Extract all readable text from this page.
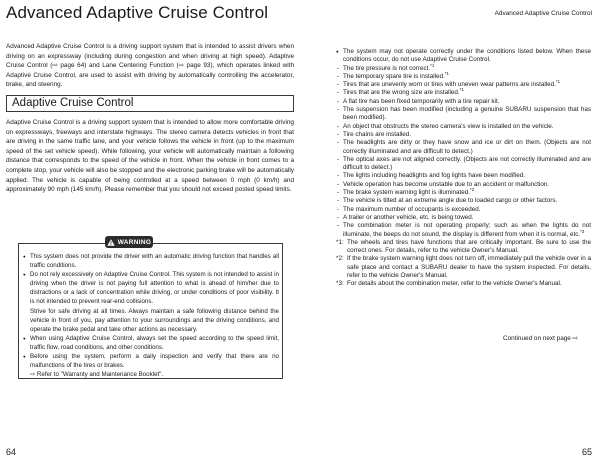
Advanced Adaptive Cruise Control

Advanced Adaptive Cruise Control is a driving support system that is intended to assist drivers when driving on an expressway (including during congestion and when driving at high speed). Adaptive Cruise Control (⇨ page 64) and Lane Centering Function (⇨ page 93), which operates linked with Adaptive Cruise Control, are used to assist with driving by automatically controlling the accelerator, brake, and steering.

Adaptive Cruise Control

Adaptive Cruise Control is a driving support system that is intended to allow more comfortable driving on expressways, freeways and interstate highways. The stereo camera detects vehicles in front that are driving in the same traffic lane, and your vehicle follows the vehicle in front (up to the maximum speed of the set vehicle speed). While following, your vehicle will automatically maintain a following distance that corresponds to the speed of the vehicle in front. When the vehicle in front comes to a complete stop, your vehicle will also be stopped and the electronic parking brake will be automatically applied. The vehicle is capable of being controlled at a speed between 0 mph (0 km/h) and approximately 90 mph (145 km/h). Please remember that you should not exceed posted speed limits.

WARNING
● This system does not provide the driver with an automatic driving function that handles all traffic conditions.
● Do not rely excessively on Adaptive Cruise Control. This system is not intended to assist in driving when the driver is not paying full attention to what is ahead of him/her due to distractions or a lack of concentration while driving, or under conditions of poor visibility. It is not intended to prevent rear-end collisions.
Strive for safe driving at all times. Always maintain a safe following distance behind the vehicle in front of you, pay attention to your surroundings and the driving conditions, and operate the brake pedal and take other actions as necessary.
● When using Adaptive Cruise Control, always set the speed according to the speed limit, traffic flow, road conditions, and other conditions.
● Before using the system, perform a daily inspection and verify that there are no malfunctions of the tires or brakes.
⇨ Refer to "Warranty and Maintenance Booklet".
64
Advanced Adaptive Cruise Control

● The system may not operate correctly under the conditions listed below. When these conditions occur, do not use Adaptive Cruise Control.

- The tire pressure is not correct.$^{*1}$
- The temporary spare tire is installed.$^{*1}$
- Tires that are unevenly worn or tires with uneven wear patterns are installed.$^{*1}$
- Tires that are the wrong size are installed.$^{*1}$
- A flat tire has been fixed temporarily with a tire repair kit.
- The suspension has been modified (including a genuine SUBARU suspension that has been modified).
- An object that obstructs the stereo camera's view is installed on the vehicle.
- Tire chains are installed.
- The headlights are dirty or they have snow and ice or dirt on them. (Objects are not correctly illuminated and are difficult to detect.)
- The optical axes are not aligned correctly. (Objects are not correctly illuminated and are difficult to detect.)
- The lights including headlights and fog lights have been modified.
- Vehicle operation has become unstable due to an accident or malfunction.
- The brake system warning light is illuminated.$^{*2}$
- The vehicle is tilted at an extreme angle due to loaded cargo or other factors.
- The maximum number of occupants is exceeded.
- A trailer or another vehicle, etc. is being towed.
- The combination meter is not operating properly; such as when the lights do not illuminate, the beeps do not sound, the display is different from when it is normal, etc.$^{*3}$
*1: The wheels and tires have functions that are critically important. Be sure to use the correct ones. For details, refer to the vehicle Owner's Manual.
*2: If the brake system warning light does not turn off, immediately pull the vehicle over in a safe place and contact a SUBARU dealer to have the system inspected. For details, refer to the vehicle Owner's Manual.
*3: For details about the combination meter, refer to the vehicle Owner's Manual.
Continued on next page ⇨
65
